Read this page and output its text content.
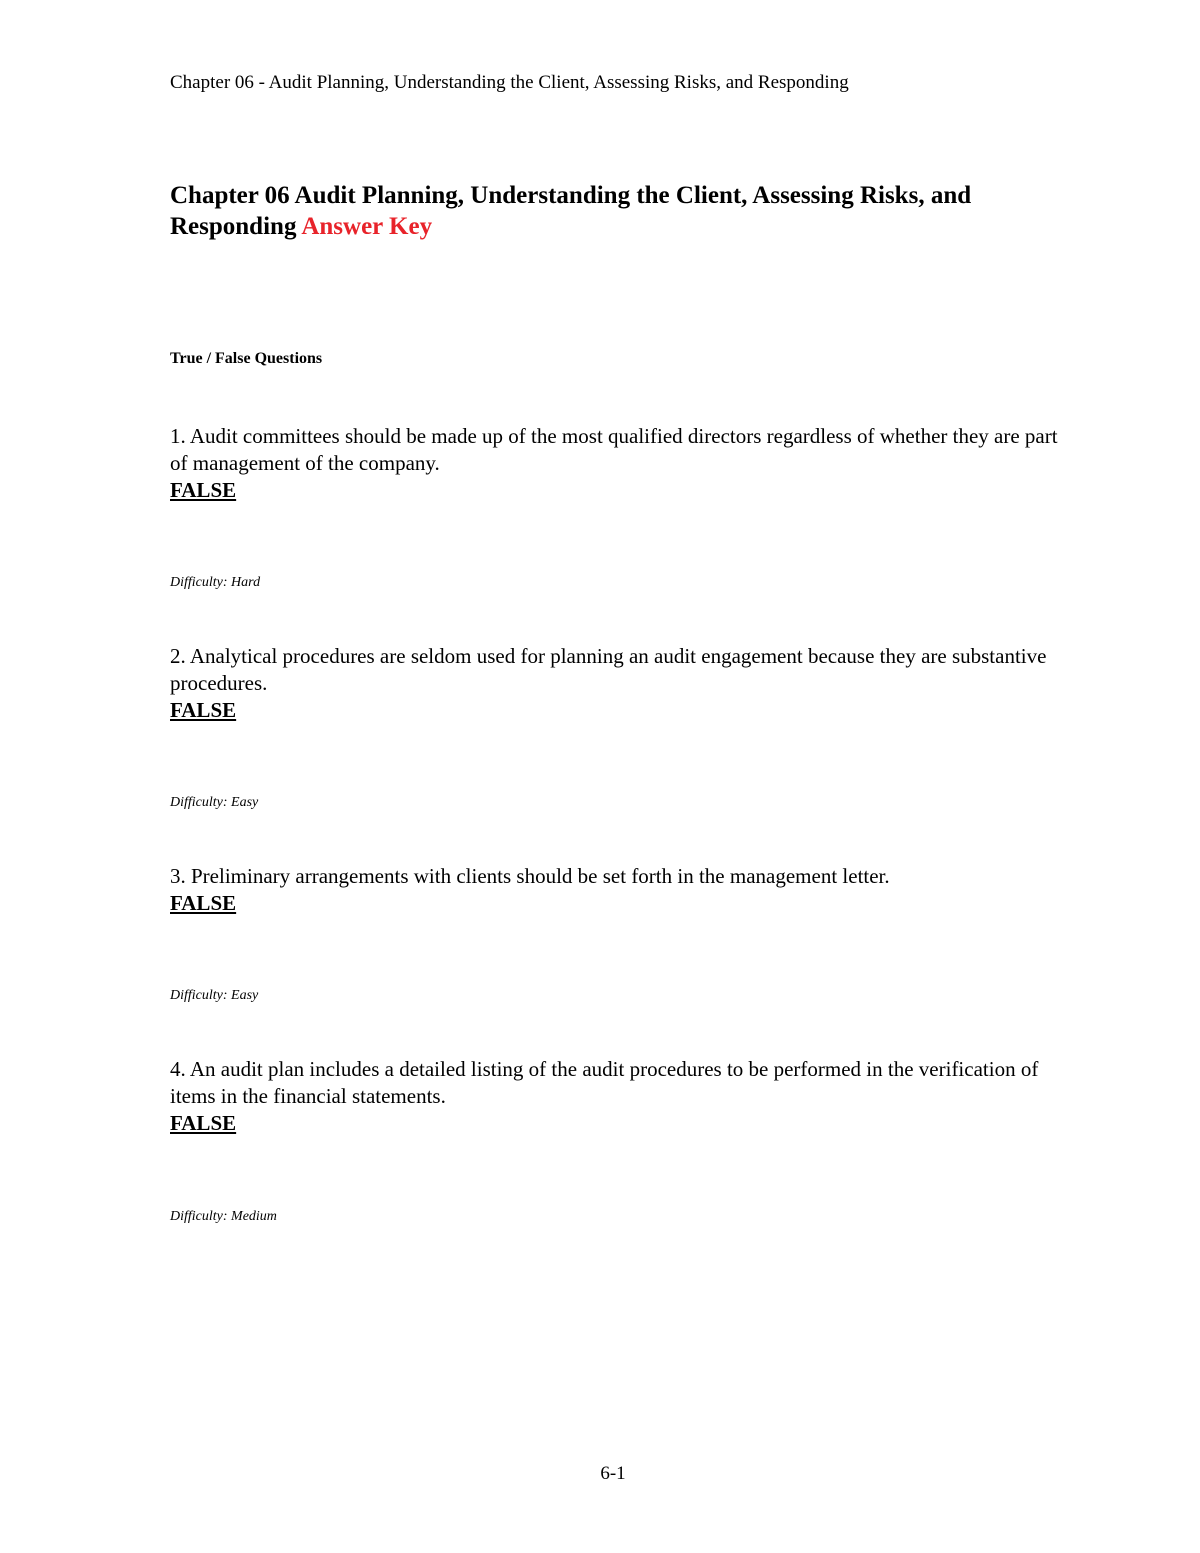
Chapter 06 - Audit Planning, Understanding the Client, Assessing Risks, and Responding
Chapter 06 Audit Planning, Understanding the Client, Assessing Risks, and Responding Answer Key
True / False Questions
1. Audit committees should be made up of the most qualified directors regardless of whether they are part of management of the company.
FALSE
Difficulty: Hard
2. Analytical procedures are seldom used for planning an audit engagement because they are substantive procedures.
FALSE
Difficulty: Easy
3. Preliminary arrangements with clients should be set forth in the management letter.
FALSE
Difficulty: Easy
4. An audit plan includes a detailed listing of the audit procedures to be performed in the verification of items in the financial statements.
FALSE
Difficulty: Medium
6-1
